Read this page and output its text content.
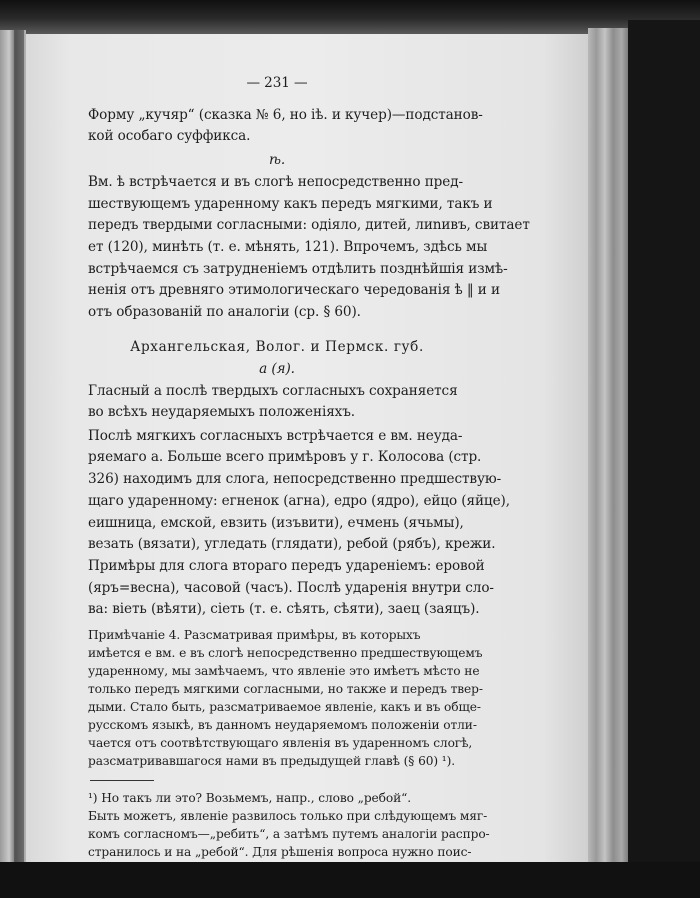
— 231 —

Форму „кучяр“ (сказка № 6, но iѣ. и кучер)—подстанов-

кой особаго суффикса.

ѣ.

Вм. ѣ встрѣчается и въ слогѣ непосредственно пред-

шествующемъ ударенному какъ передъ мягкими, такъ и

передъ твердыми согласными: одiяло, дитей, лиnивъ, свитает

ет (120), минѣть (т. е. мѣнять, 121). Впрочемъ, здѣсь мы

встрѣчаемся съ затрудненiемъ отдѣлить позднѣйшiя измѣ-

ненiя отъ древняго этимологическаго чередованiя ѣ ‖ и и

отъ образованiй по аналогiи (ср. § 60).

Архангельская, Волог. и Пермск. губ.

а (я).

Гласный а послѣ твердыхъ согласныхъ сохраняется

во всѣхъ неударяемыхъ положенiяхъ.

Послѣ мягкихъ согласныхъ встрѣчается е вм. неуда-

ряемаго а. Больше всего примѣровъ у г. Колосова (стр.

326) находимъ для слога, непосредственно предшествую-

щаго ударенному: егненок (агна), едро (ядро), ейцо (яйце),

еишница, емской, евзить (изъвити), ечмень (ячьмы),

везать (вязати), угледать (глядати), ребой (рябъ), крежи.

Примѣры для слога втораго передъ ударенiемъ: еровой

(яръ=весна), часовой (часъ). Послѣ ударенiя внутри сло-

ва: вiеть (вѣяти), сiеть (т. е. сѣять, сѣяти), заец (заяцъ).

Примѣчанiе 4. Разсматривая примѣры, въ которыхъ

имѣется е вм. е въ слогѣ непосредственно предшествующемъ

ударенному, мы замѣчаемъ, что явленiе это имѣетъ мѣсто не

только передъ мягкими согласными, но также и передъ твер-

дыми. Стало быть, разсматриваемое явленiе, какъ и въ обще-

русскомъ языкѣ, въ данномъ неударяемомъ положенiи отли-

чается отъ соотвѣтствующаго явленiя въ ударенномъ слогѣ,

разсматривавшагося нами въ предыдущей главѣ (§ 60) ¹).

¹) Но такъ ли это? Возьмемъ, напр., слово „ребой“.

Быть можетъ, явленiе развилось только при слѣдующемъ мяг-

комъ согласномъ—„ребить“, а затѣмъ путемъ аналогiи распро-

странилось и на „ребой“. Для рѣшенiя вопроса нужно поис-
